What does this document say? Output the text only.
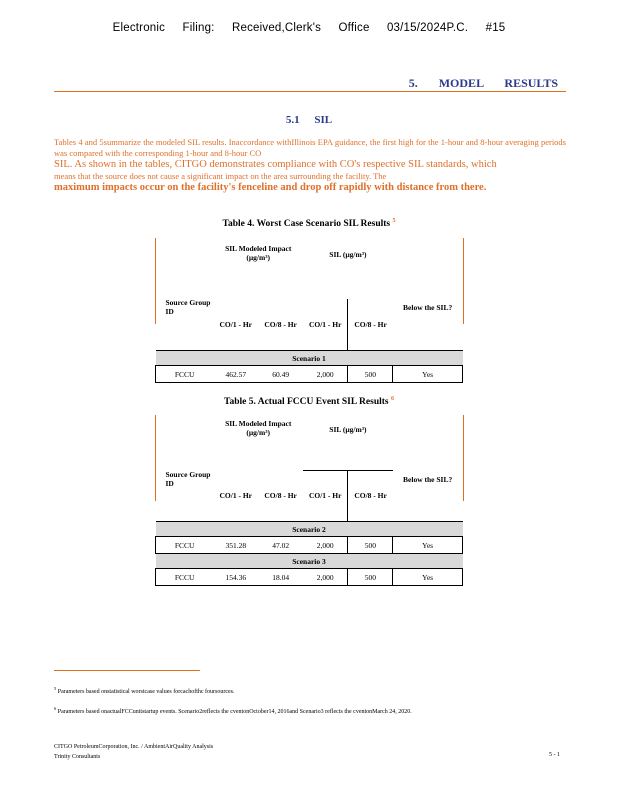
Electronic Filing: Received,Clerk's Office 03/15/2024P.C. #15
5. MODEL RESULTS
5.1 SIL
Tables 4 and 5summarize the modeled SIL results. Inaccordance withIllinois EPA guidance, the first high for the 1-hour and 8-hour averaging periods was compared with the corresponding 1-hour and 8-hour CO
SIL. As shown in the tables, CITGO demonstrates compliance with CO's respective SIL standards, which
means that the source does not cause a significant impact on the area surrounding the facility. The
maximum impacts occur on the facility's fenceline and drop off rapidly with distance from there.
Table 4. Worst Case Scenario SIL Results $^5$
Source Group ID	SIL Modeled Impact (µg/m³)		SIL (µg/m³)		Below the SIL?
	CO/1 - Hr	CO/8 - Hr	CO/1 - Hr	CO/8 - Hr	
Scenario 1					
FCCU	462.57	60.49	2,000	500	Yes
Table 5. Actual FCCU Event SIL Results $^6$
Source Group ID	SIL Modeled Impact (µg/m³)		SIL (µg/m³)		Below the SIL?
	CO/1 - Hr	CO/8 - Hr	CO/1 - Hr	CO/8 - Hr	
Scenario 2					
FCCU	351.28	47.02	2,000	500	Yes
Scenario 3					
FCCU	154.36	18.04	2,000	500	Yes
$^5$ Parameters based onstatistical worstcase values forcachofthc foursources.
$^6$ Parameters based onactualFCCunitstartup events. Scenario2reflects the cventonOctober14, 2016and Scenario3 reflects the cventonMarch 24, 2020.
CITGO PetroleumCorporation, Inc. / AmbientAirQuality Analysis
Trinity Consultants	5 - 1
